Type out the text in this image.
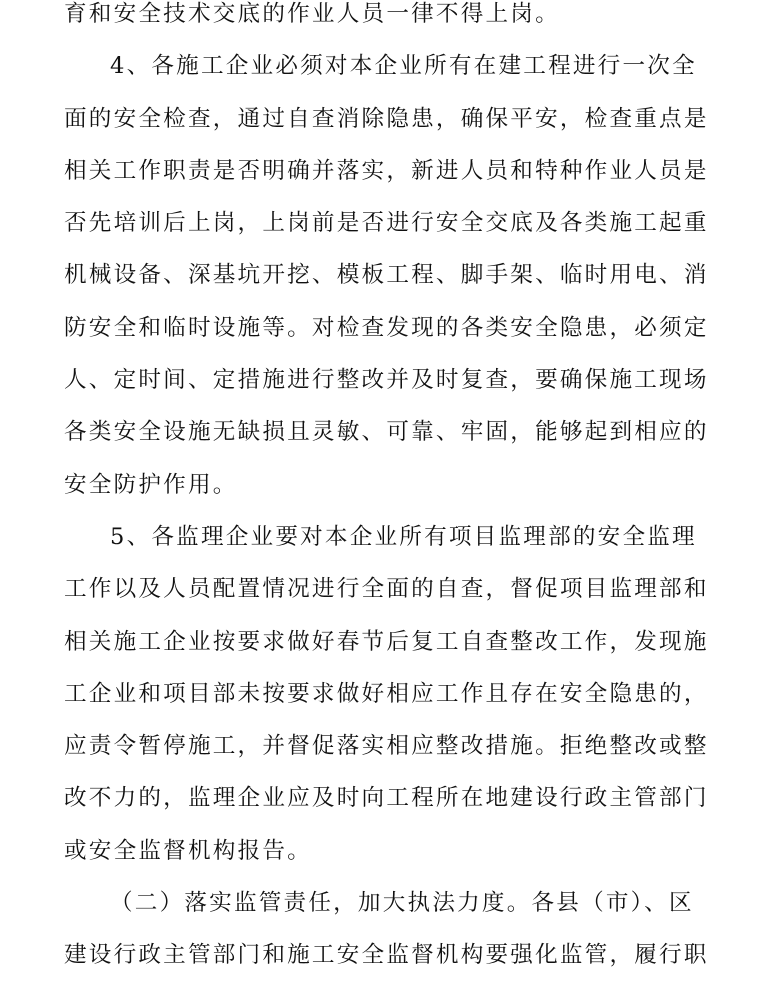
育和安全技术交底的作业人员一律不得上岗。
4、各施工企业必须对本企业所有在建工程进行一次全
面的安全检查，通过自查消除隐患，确保平安，检查重点是
相关工作职责是否明确并落实，新进人员和特种作业人员是
否先培训后上岗，上岗前是否进行安全交底及各类施工起重
机械设备、深基坑开挖、模板工程、脚手架、临时用电、消
防安全和临时设施等。对检查发现的各类安全隐患，必须定
人、定时间、定措施进行整改并及时复查，要确保施工现场
各类安全设施无缺损且灵敏、可靠、牢固，能够起到相应的
安全防护作用。
5、各监理企业要对本企业所有项目监理部的安全监理
工作以及人员配置情况进行全面的自查，督促项目监理部和
相关施工企业按要求做好春节后复工自查整改工作，发现施
工企业和项目部未按要求做好相应工作且存在安全隐患的，
应责令暂停施工，并督促落实相应整改措施。拒绝整改或整
改不力的，监理企业应及时向工程所在地建设行政主管部门
或安全监督机构报告。
（二）落实监管责任，加大执法力度。各县（市）、区
建设行政主管部门和施工安全监督机构要强化监管，履行职
